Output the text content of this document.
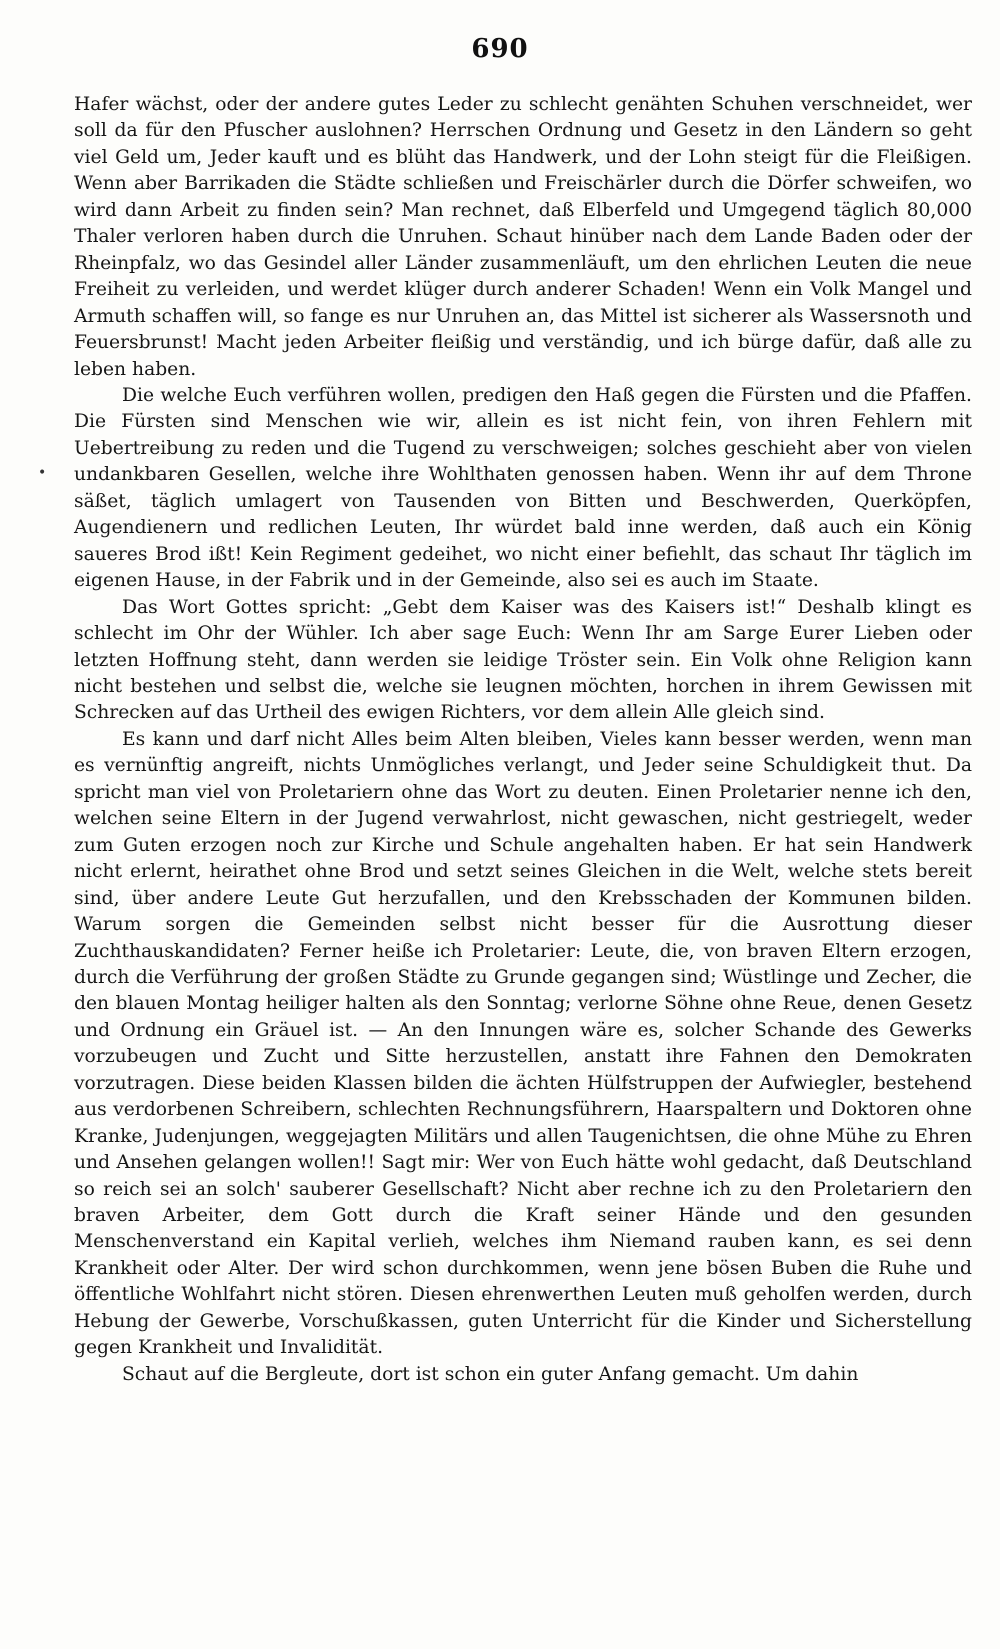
690
•

Hafer wächst, oder der andere gutes Leder zu schlecht genähten Schuhen verschneidet, wer soll da für den Pfuscher auslohnen? Herrschen Ordnung und Gesetz in den Ländern so geht viel Geld um, Jeder kauft und es blüht das Handwerk, und der Lohn steigt für die Fleißigen. Wenn aber Barrikaden die Städte schließen und Freischärler durch die Dörfer schweifen, wo wird dann Arbeit zu finden sein? Man rechnet, daß Elberfeld und Umgegend täglich 80,000 Thaler verloren haben durch die Unruhen. Schaut hinüber nach dem Lande Baden oder der Rheinpfalz, wo das Gesindel aller Länder zusammenläuft, um den ehrlichen Leuten die neue Freiheit zu verleiden, und werdet klüger durch anderer Schaden! Wenn ein Volk Mangel und Armuth schaffen will, so fange es nur Unruhen an, das Mittel ist sicherer als Wassersnoth und Feuersbrunst! Macht jeden Arbeiter fleißig und verständig, und ich bürge dafür, daß alle zu leben haben.

Die welche Euch verführen wollen, predigen den Haß gegen die Fürsten und die Pfaffen. Die Fürsten sind Menschen wie wir, allein es ist nicht fein, von ihren Fehlern mit Uebertreibung zu reden und die Tugend zu verschweigen; solches geschieht aber von vielen undankbaren Gesellen, welche ihre Wohlthaten genossen haben. Wenn ihr auf dem Throne säßet, täglich umlagert von Tausenden von Bitten und Beschwerden, Querköpfen, Augendienern und redlichen Leuten, Ihr würdet bald inne werden, daß auch ein König saueres Brod ißt! Kein Regiment gedeihet, wo nicht einer befiehlt, das schaut Ihr täglich im eigenen Hause, in der Fabrik und in der Gemeinde, also sei es auch im Staate.

Das Wort Gottes spricht: „Gebt dem Kaiser was des Kaisers ist!“ Deshalb klingt es schlecht im Ohr der Wühler. Ich aber sage Euch: Wenn Ihr am Sarge Eurer Lieben oder letzten Hoffnung steht, dann werden sie leidige Tröster sein. Ein Volk ohne Religion kann nicht bestehen und selbst die, welche sie leugnen möchten, horchen in ihrem Gewissen mit Schrecken auf das Urtheil des ewigen Richters, vor dem allein Alle gleich sind.

Es kann und darf nicht Alles beim Alten bleiben, Vieles kann besser werden, wenn man es vernünftig angreift, nichts Unmögliches verlangt, und Jeder seine Schuldigkeit thut. Da spricht man viel von Proletariern ohne das Wort zu deuten. Einen Proletarier nenne ich den, welchen seine Eltern in der Jugend verwahrlost, nicht gewaschen, nicht gestriegelt, weder zum Guten erzogen noch zur Kirche und Schule angehalten haben. Er hat sein Handwerk nicht erlernt, heirathet ohne Brod und setzt seines Gleichen in die Welt, welche stets bereit sind, über andere Leute Gut herzufallen, und den Krebsschaden der Kommunen bilden. Warum sorgen die Gemeinden selbst nicht besser für die Ausrottung dieser Zuchthauskandidaten? Ferner heiße ich Proletarier: Leute, die, von braven Eltern erzogen, durch die Verführung der großen Städte zu Grunde gegangen sind; Wüstlinge und Zecher, die den blauen Montag heiliger halten als den Sonntag; verlorne Söhne ohne Reue, denen Gesetz und Ordnung ein Gräuel ist. — An den Innungen wäre es, solcher Schande des Gewerks vorzubeugen und Zucht und Sitte herzustellen, anstatt ihre Fahnen den Demokraten vorzutragen. Diese beiden Klassen bilden die ächten Hülfstruppen der Aufwiegler, bestehend aus verdorbenen Schreibern, schlechten Rechnungsführern, Haarspaltern und Doktoren ohne Kranke, Judenjungen, weggejagten Militärs und allen Taugenichtsen, die ohne Mühe zu Ehren und Ansehen gelangen wollen!! Sagt mir: Wer von Euch hätte wohl gedacht, daß Deutschland so reich sei an solch' sauberer Gesellschaft? Nicht aber rechne ich zu den Proletariern den braven Arbeiter, dem Gott durch die Kraft seiner Hände und den gesunden Menschenverstand ein Kapital verlieh, welches ihm Niemand rauben kann, es sei denn Krankheit oder Alter. Der wird schon durchkommen, wenn jene bösen Buben die Ruhe und öffentliche Wohlfahrt nicht stören. Diesen ehrenwerthen Leuten muß geholfen werden, durch Hebung der Gewerbe, Vorschußkassen, guten Unterricht für die Kinder und Sicherstellung gegen Krankheit und Invalidität.

Schaut auf die Bergleute, dort ist schon ein guter Anfang gemacht. Um dahin
